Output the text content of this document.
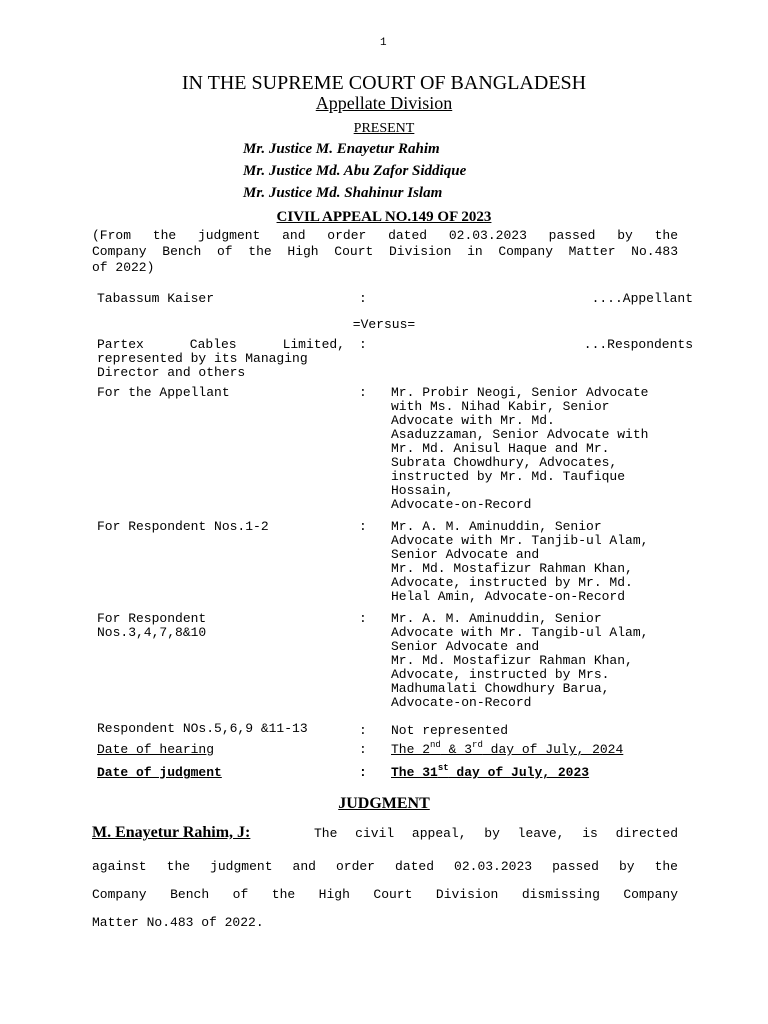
1
IN THE SUPREME COURT OF BANGLADESH
Appellate Division
PRESENT
Mr. Justice M. Enayetur Rahim
Mr. Justice Md. Abu Zafor Siddique
Mr. Justice Md. Shahinur Islam
CIVIL APPEAL NO.149 OF 2023
(From the judgment and order dated 02.03.2023 passed by the
Company Bench of the High Court Division in Company Matter No.483
of 2022)
Tabassum Kaiser	:	....Appellant
=Versus=
Partex Cables Limited,
represented by its Managing
Director and others
:	...Respondents
For the Appellant	: Mr. Probir Neogi, Senior Advocate
with Ms. Nihad Kabir, Senior
Advocate with Mr. Md.
Asaduzzaman, Senior Advocate with
Mr. Md. Anisul Haque and Mr.
Subrata Chowdhury, Advocates,
instructed by Mr. Md. Taufique
Hossain,
Advocate-on-Record
For Respondent Nos.1-2	: Mr. A. M. Aminuddin, Senior
Advocate with Mr. Tanjib-ul Alam,
Senior Advocate and
Mr. Md. Mostafizur Rahman Khan,
Advocate, instructed by Mr. Md.
Helal Amin, Advocate-on-Record
For Respondent
Nos.3,4,7,8&10
: Mr. A. M. Aminuddin, Senior
Advocate with Mr. Tangib-ul Alam,
Senior Advocate and
Mr. Md. Mostafizur Rahman Khan,
Advocate, instructed by Mrs.
Madhumalati Chowdhury Barua,
Advocate-on-Record
Respondent NOs.5,6,9 &11-13	: Not represented
Date of hearing	: The 2nd & 3rd day of July, 2024
Date of judgment	: The 31st day of July, 2023
JUDGMENT
M. Enayetur Rahim, J:	The civil appeal, by leave, is directed
against the judgment and order dated 02.03.2023 passed by the
Company Bench of the High Court Division dismissing Company
Matter No.483 of 2022.
